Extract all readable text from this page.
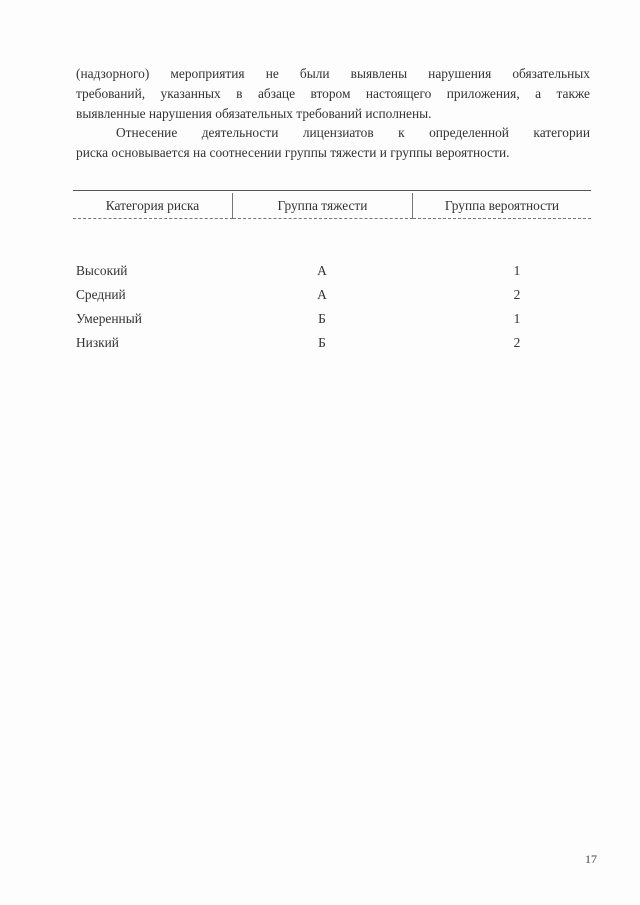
(надзорного) мероприятия не были выявлены нарушения обязательных
требований, указанных в абзаце втором настоящего приложения, а также
выявленные нарушения обязательных требований исполнены.

Отнесение деятельности лицензиатов к определенной категории
риска основывается на соотнесении группы тяжести и группы вероятности.

Категория риска	Группа тяжести	Группа вероятности
Высокий	А	1
Средний	А	2
Умеренный	Б	1
Низкий	Б	2
17
